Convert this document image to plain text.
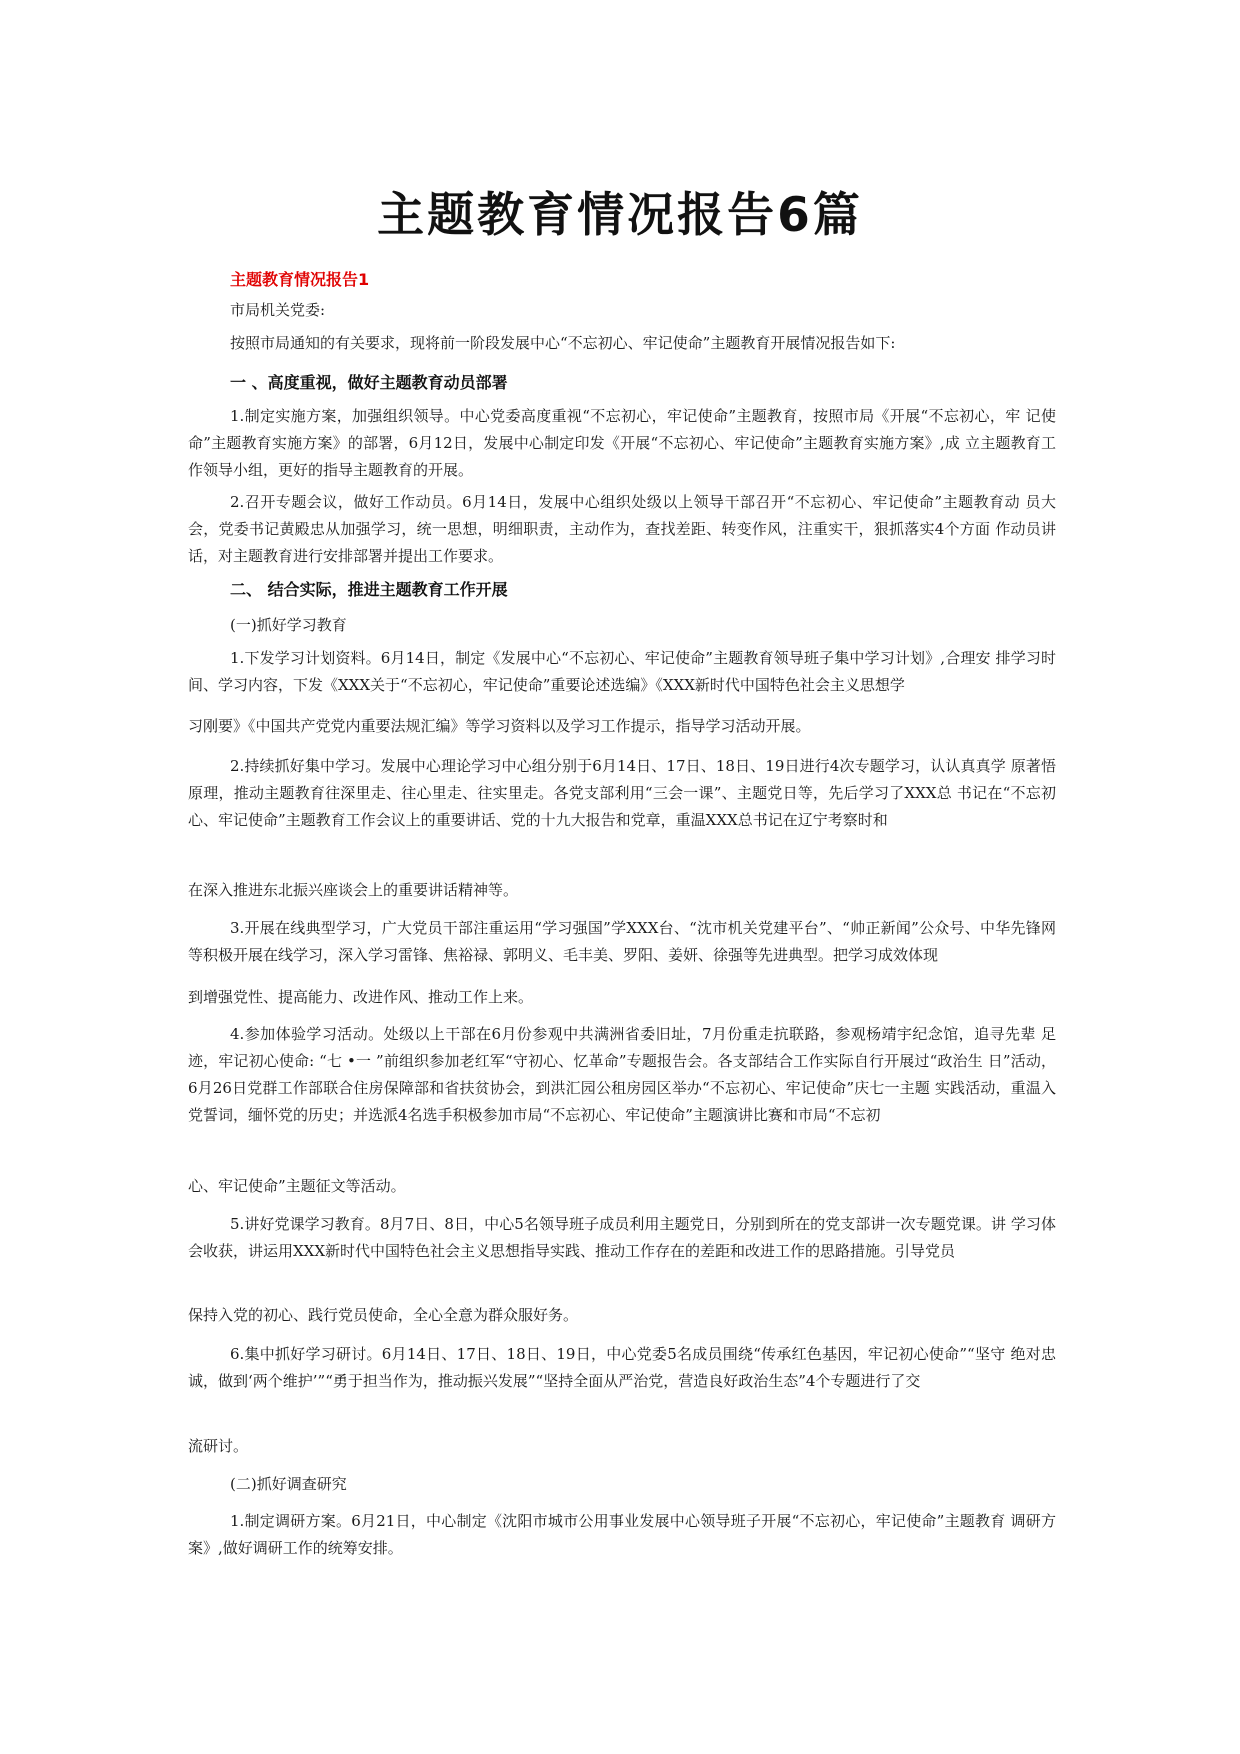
主题教育情况报告6篇
主题教育情况报告1
市局机关党委:
按照市局通知的有关要求，现将前一阶段发展中心“不忘初心、牢记使命”主题教育开展情况报告如下:
一 、高度重视，做好主题教育动员部署

1.制定实施方案，加强组织领导。中心党委高度重视“不忘初心，牢记使命”主题教育，按照市局《开展“不忘初心，牢 记使命”主题教育实施方案》的部署，6月12日，发展中心制定印发《开展“不忘初心、牢记使命”主题教育实施方案》,成 立主题教育工作领导小组，更好的指导主题教育的开展。

2.召开专题会议，做好工作动员。6月14日，发展中心组织处级以上领导干部召开“不忘初心、牢记使命”主题教育动 员大会，党委书记黄殿忠从加强学习，统一思想，明细职责，主动作为，查找差距、转变作风，注重实干，狠抓落实4个方面 作动员讲话，对主题教育进行安排部署并提出工作要求。

二、 结合实际，推进主题教育工作开展
(一)抓好学习教育

1.下发学习计划资料。6月14日，制定《发展中心“不忘初心、牢记使命”主题教育领导班子集中学习计划》,合理安 排学习时间、学习内容，下发《XXX关于“不忘初心，牢记使命”重要论述选编》《XXX新时代中国特色社会主义思想学

习刚要》《中国共产党党内重要法规汇编》等学习资料以及学习工作提示，指导学习活动开展。

2.持续抓好集中学习。发展中心理论学习中心组分别于6月14日、17日、18日、19日进行4次专题学习，认认真真学 原著悟原理，推动主题教育往深里走、往心里走、往实里走。各党支部利用“三会一课”、主题党日等，先后学习了XXX总 书记在“不忘初心、牢记使命”主题教育工作会议上的重要讲话、党的十九大报告和党章，重温XXX总书记在辽宁考察时和

在深入推进东北振兴座谈会上的重要讲话精神等。

3.开展在线典型学习，广大党员干部注重运用“学习强国”学XXX台、“沈市机关党建平台”、“帅正新闻”公众号、中华先锋网等积极开展在线学习，深入学习雷锋、焦裕禄、郭明义、毛丰美、罗阳、姜妍、徐强等先进典型。把学习成效体现

到增强党性、提高能力、改进作风、推动工作上来。

4.参加体验学习活动。处级以上干部在6月份参观中共满洲省委旧址，7月份重走抗联路，参观杨靖宇纪念馆，追寻先辈 足迹，牢记初心使命: “七 •一 ”前组织参加老红军“守初心、忆革命”专题报告会。各支部结合工作实际自行开展过“政治生 日”活动，6月26日党群工作部联合住房保障部和省扶贫协会，到洪汇园公租房园区举办“不忘初心、牢记使命”庆七一主题 实践活动，重温入党誓词，缅怀党的历史；并选派4名选手积极参加市局“不忘初心、牢记使命”主题演讲比赛和市局“不忘初

心、牢记使命”主题征文等活动。

5.讲好党课学习教育。8月7日、8日，中心5名领导班子成员利用主题党日，分别到所在的党支部讲一次专题党课。讲 学习体会收获，讲运用XXX新时代中国特色社会主义思想指导实践、推动工作存在的差距和改进工作的思路措施。引导党员

保持入党的初心、践行党员使命，全心全意为群众服好务。

6.集中抓好学习研讨。6月14日、17日、18日、19日，中心党委5名成员围绕“传承红色基因，牢记初心使命”“坚守 绝对忠诚，做到‘两个维护’”“勇于担当作为，推动振兴发展”“坚持全面从严治党，营造良好政治生态”4个专题进行了交

流研讨。

(二)抓好调查研究

1.制定调研方案。6月21日，中心制定《沈阳市城市公用事业发展中心领导班子开展“不忘初心，牢记使命”主题教育 调研方案》,做好调研工作的统筹安排。
